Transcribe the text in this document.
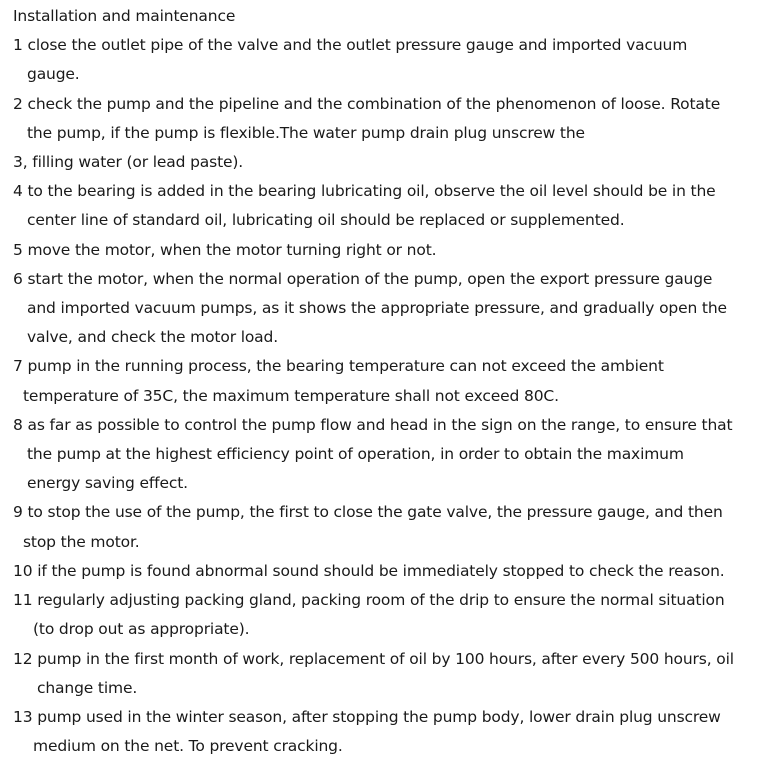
Installation and maintenance
1 close the outlet pipe of the valve and the outlet pressure gauge and imported vacuum
gauge.
2 check the pump and the pipeline and the combination of the phenomenon of loose. Rotate
the pump, if the pump is flexible.The water pump drain plug unscrew the
3, filling water (or lead paste).
4 to the bearing is added in the bearing lubricating oil, observe the oil level should be in the
center line of standard oil, lubricating oil should be replaced or supplemented.
5 move the motor, when the motor turning right or not.
6 start the motor, when the normal operation of the pump, open the export pressure gauge
and imported vacuum pumps, as it shows the appropriate pressure, and gradually open the
valve, and check the motor load.
7 pump in the running process, the bearing temperature can not exceed the ambient
temperature of 35C, the maximum temperature shall not exceed 80C.
8 as far as possible to control the pump flow and head in the sign on the range, to ensure that
the pump at the highest efficiency point of operation, in order to obtain the maximum
energy saving effect.
9 to stop the use of the pump, the first to close the gate valve, the pressure gauge, and then
stop the motor.
10 if the pump is found abnormal sound should be immediately stopped to check the reason.
11 regularly adjusting packing gland, packing room of the drip to ensure the normal situation
(to drop out as appropriate).
12 pump in the first month of work, replacement of oil by 100 hours, after every 500 hours, oil
change time.
13 pump used in the winter season, after stopping the pump body, lower drain plug unscrew
medium on the net. To prevent cracking.
